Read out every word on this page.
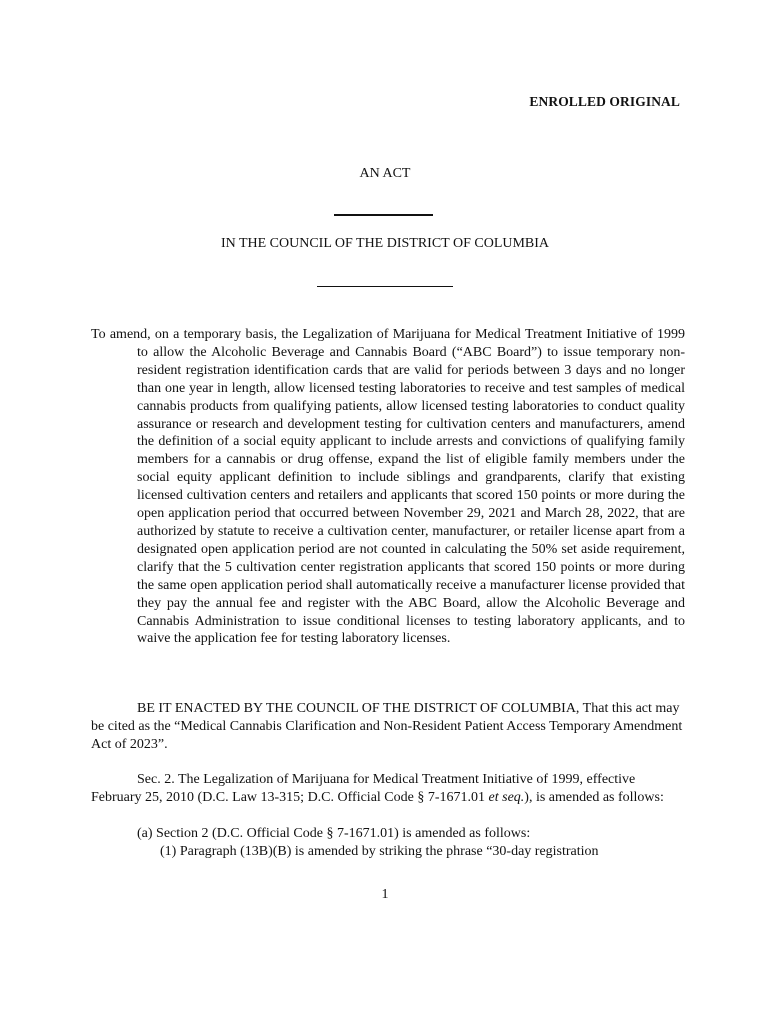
ENROLLED ORIGINAL
AN ACT
IN THE COUNCIL OF THE DISTRICT OF COLUMBIA
To amend, on a temporary basis, the Legalization of Marijuana for Medical Treatment Initiative of 1999 to allow the Alcoholic Beverage and Cannabis Board (“ABC Board”) to issue temporary non-resident registration identification cards that are valid for periods between 3 days and no longer than one year in length, allow licensed testing laboratories to receive and test samples of medical cannabis products from qualifying patients, allow licensed testing laboratories to conduct quality assurance or research and development testing for cultivation centers and manufacturers, amend the definition of a social equity applicant to include arrests and convictions of qualifying family members for a cannabis or drug offense, expand the list of eligible family members under the social equity applicant definition to include siblings and grandparents, clarify that existing licensed cultivation centers and retailers and applicants that scored 150 points or more during the open application period that occurred between November 29, 2021 and March 28, 2022, that are authorized by statute to receive a cultivation center, manufacturer, or retailer license apart from a designated open application period are not counted in calculating the 50% set aside requirement, clarify that the 5 cultivation center registration applicants that scored 150 points or more during the same open application period shall automatically receive a manufacturer license provided that they pay the annual fee and register with the ABC Board, allow the Alcoholic Beverage and Cannabis Administration to issue conditional licenses to testing laboratory applicants, and to waive the application fee for testing laboratory licenses.
BE IT ENACTED BY THE COUNCIL OF THE DISTRICT OF COLUMBIA, That this act may be cited as the “Medical Cannabis Clarification and Non-Resident Patient Access Temporary Amendment Act of 2023”.
Sec. 2. The Legalization of Marijuana for Medical Treatment Initiative of 1999, effective February 25, 2010 (D.C. Law 13-315; D.C. Official Code § 7-1671.01 et seq.), is amended as follows:
(a) Section 2 (D.C. Official Code § 7-1671.01) is amended as follows:
(1) Paragraph (13B)(B) is amended by striking the phrase “30-day registration
1
